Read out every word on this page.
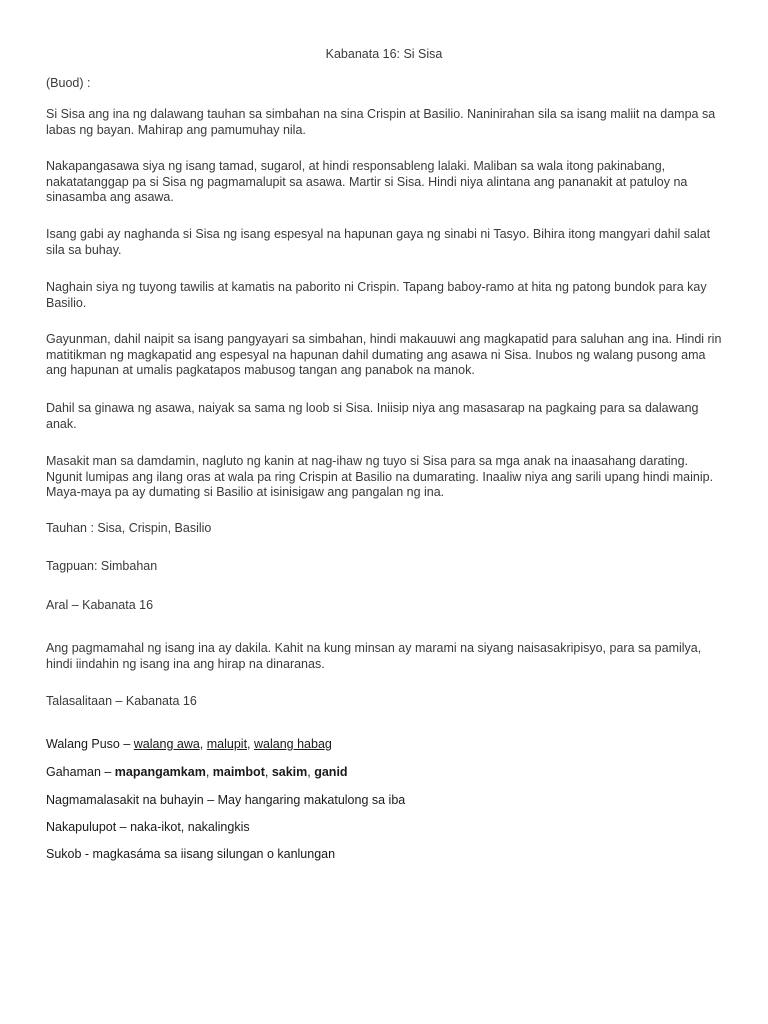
Kabanata 16: Si Sisa

(Buod) :

Si Sisa ang ina ng dalawang tauhan sa simbahan na sina Crispin at Basilio. Naninirahan sila sa isang maliit na dampa sa labas ng bayan. Mahirap ang pamumuhay nila.

Nakapangasawa siya ng isang tamad, sugarol, at hindi responsableng lalaki. Maliban sa wala itong pakinabang, nakatatanggap pa si Sisa ng pagmamalupit sa asawa. Martir si Sisa. Hindi niya alintana ang pananakit at patuloy na sinasamba ang asawa.

Isang gabi ay naghanda si Sisa ng isang espesyal na hapunan gaya ng sinabi ni Tasyo. Bihira itong mangyari dahil salat sila sa buhay.

Naghain siya ng tuyong tawilis at kamatis na paborito ni Crispin. Tapang baboy-ramo at hita ng patong bundok para kay Basilio.

Gayunman, dahil naipit sa isang pangyayari sa simbahan, hindi makauuwi ang magkapatid para saluhan ang ina. Hindi rin matitikman ng magkapatid ang espesyal na hapunan dahil dumating ang asawa ni Sisa. Inubos ng walang pusong ama ang hapunan at umalis pagkatapos mabusog tangan ang panabok na manok.

Dahil sa ginawa ng asawa, naiyak sa sama ng loob si Sisa. Iniisip niya ang masasarap na pagkaing para sa dalawang anak.

Masakit man sa damdamin, nagluto ng kanin at nag-ihaw ng tuyo si Sisa para sa mga anak na inaasahang darating. Ngunit lumipas ang ilang oras at wala pa ring Crispin at Basilio na dumarating. Inaaliw niya ang sarili upang hindi mainip. Maya-maya pa ay dumating si Basilio at isinisigaw ang pangalan ng ina.

Tauhan : Sisa, Crispin, Basilio

Tagpuan: Simbahan

Aral – Kabanata 16

Ang pagmamahal ng isang ina ay dakila. Kahit na kung minsan ay marami na siyang naisasakripisyo, para sa pamilya, hindi iindahin ng isang ina ang hirap na dinaranas.

Talasalitaan – Kabanata 16

Walang Puso – walang awa, malupit, walang habag

Gahaman – mapangamkam, maimbot, sakim, ganid

Nagmamalasakit na buhayin – May hangaring makatulong sa iba

Nakapulupot – naka-ikot, nakalingkis

Sukob - magkasáma sa iisang silungan o kanlungan
